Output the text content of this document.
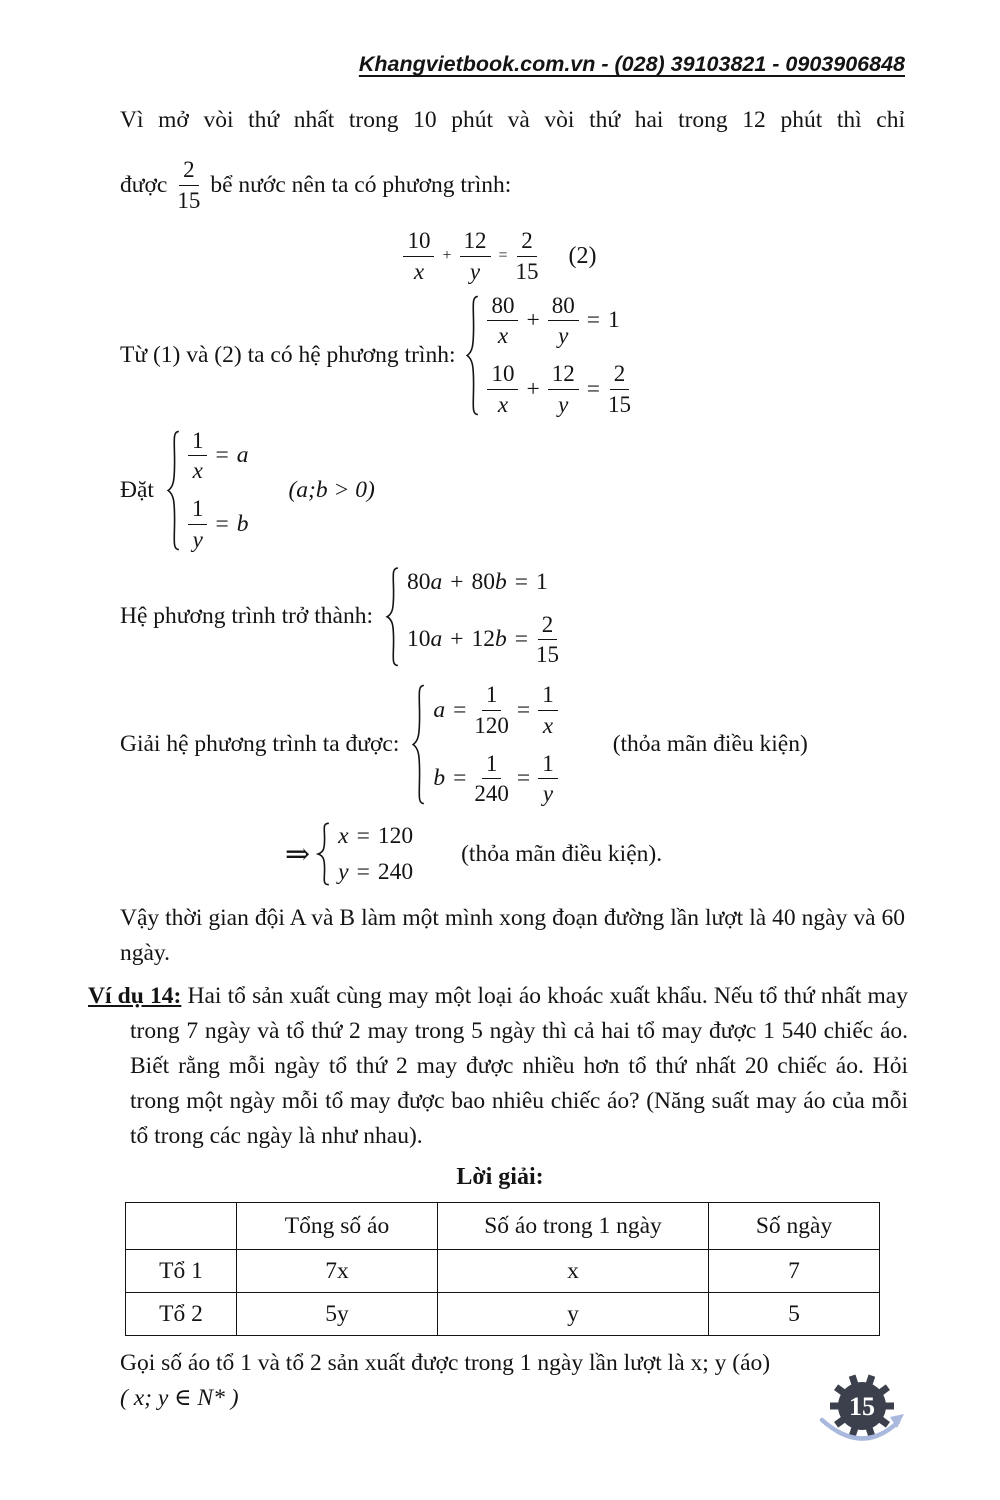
Khangvietbook.com.vn - (028) 39103821 - 0903906848
Vì mở vòi thứ nhất trong 10 phút và vòi thứ hai trong 12 phút thì chỉ
được $\frac{2}{15}$ bể nước nên ta có phương trình:
$\frac{10}{x} + \frac{12}{y} = \frac{2}{15} (2)$
Từ (1) và (2) ta có hệ phương trình:
$\frac{80}{x} + \frac{80}{y} = 1$
$\frac{10}{x} + \frac{12}{y} = \frac{2}{15}$
Đặt
$\frac{1}{x} = a$
$\frac{1}{y} = b$
(a;b > 0)
Hệ phương trình trở thành:
80 a + 80 b = 1
10 a + 12 $b = \frac{2}{15}$
Giải hệ phương trình ta được:
$a = \frac{1}{120} = \frac{1}{x}$
$b = \frac{1}{240} = \frac{1}{y}$
(thỏa mãn điều kiện)
⇒
x = 120
y = 240
(thỏa mãn điều kiện).
Vậy thời gian đội A và B làm một mình xong đoạn đường lần lượt là 40 ngày và 60 ngày.
Ví dụ 14: Hai tổ sản xuất cùng may một loại áo khoác xuất khẩu. Nếu tổ thứ nhất may trong 7 ngày và tổ thứ 2 may trong 5 ngày thì cả hai tổ may được 1 540 chiếc áo. Biết rằng mỗi ngày tổ thứ 2 may được nhiều hơn tổ thứ nhất 20 chiếc áo. Hỏi trong một ngày mỗi tổ may được bao nhiêu chiếc áo? (Năng suất may áo của mỗi tổ trong các ngày là như nhau).
Lời giải:
	Tổng số áo	Số áo trong 1 ngày	Số ngày
Tổ 1	7x	x	7
Tổ 2	5y	y	5
Gọi số áo tổ 1 và tổ 2 sản xuất được trong 1 ngày lần lượt là x; y (áo)
( x; y ∈ N* )	15
